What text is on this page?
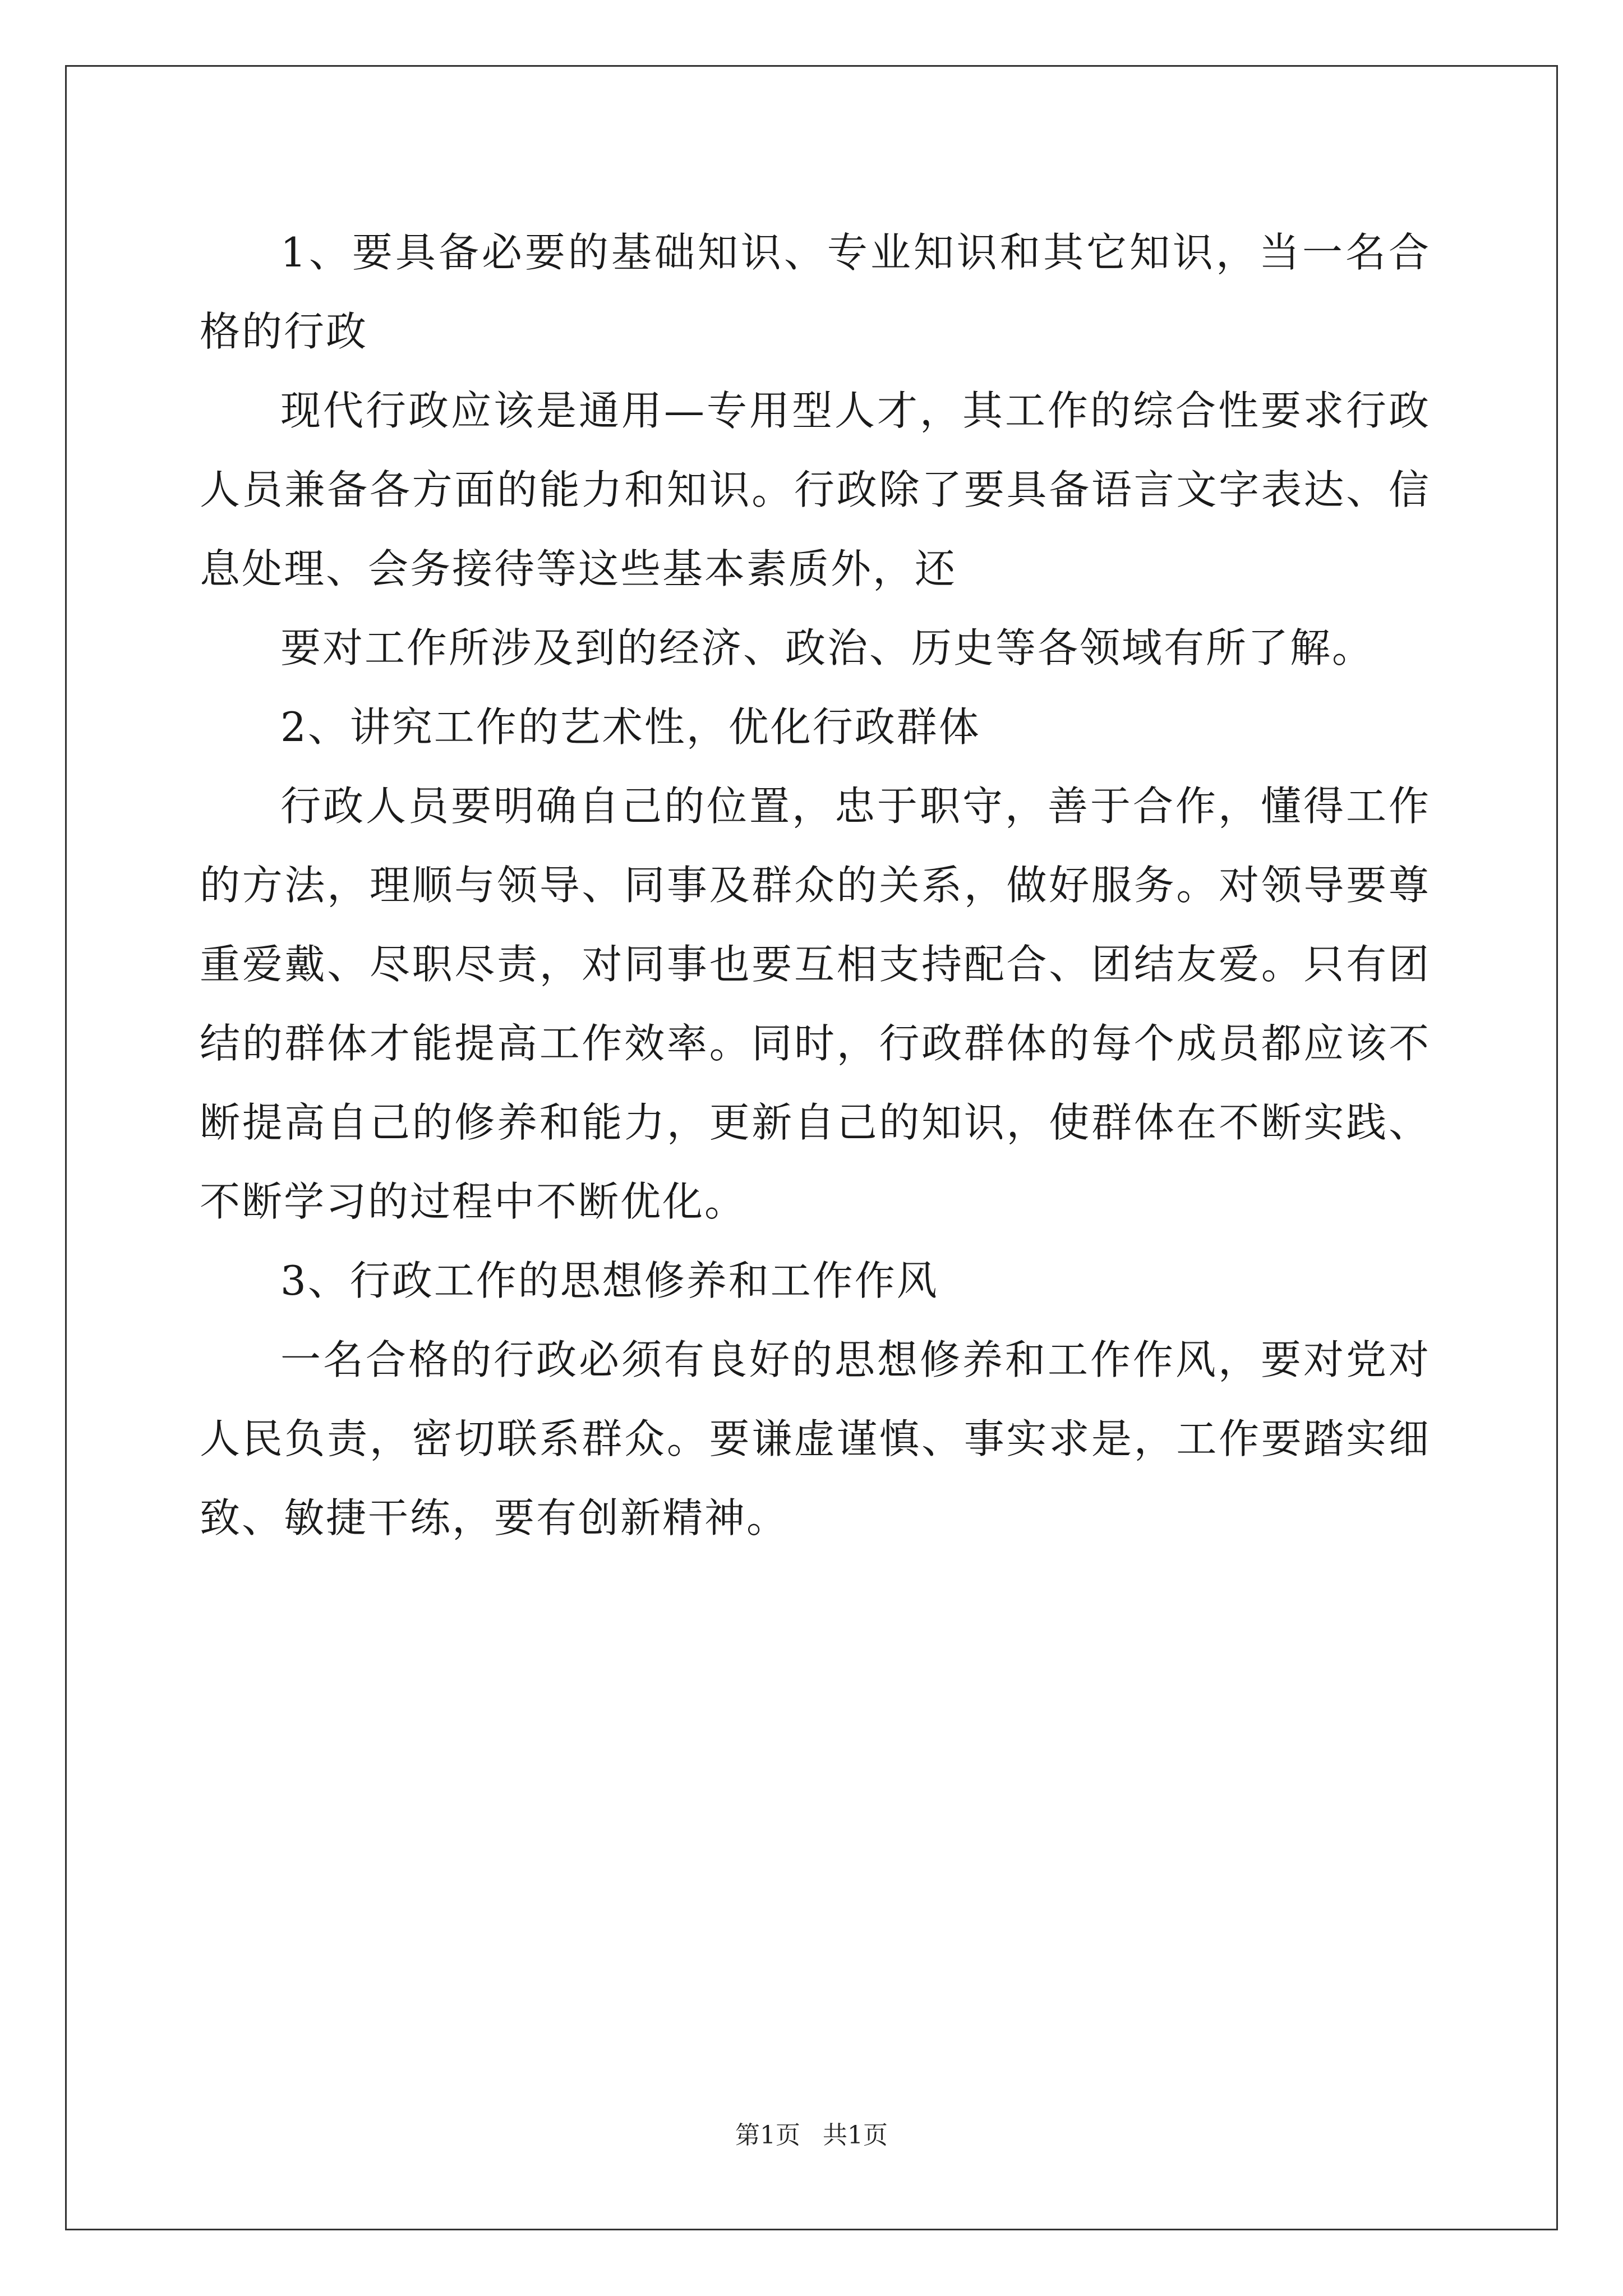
1、要具备必要的基础知识、专业知识和其它知识，当一名合格的行政

现代行政应该是通用—专用型人才，其工作的综合性要求行政人员兼备各方面的能力和知识。行政除了要具备语言文字表达、信息处理、会务接待等这些基本素质外，还

要对工作所涉及到的经济、政治、历史等各领域有所了解。

2、讲究工作的艺术性，优化行政群体

行政人员要明确自己的位置，忠于职守，善于合作，懂得工作的方法，理顺与领导、同事及群众的关系，做好服务。对领导要尊重爱戴、尽职尽责，对同事也要互相支持配合、团结友爱。只有团结的群体才能提高工作效率。同时，行政群体的每个成员都应该不断提高自己的修养和能力，更新自己的知识，使群体在不断实践、不断学习的过程中不断优化。

3、行政工作的思想修养和工作作风

一名合格的行政必须有良好的思想修养和工作作风，要对党对人民负责，密切联系群众。要谦虚谨慎、事实求是，工作要踏实细致、敏捷干练，要有创新精神。

第1页 共1页
